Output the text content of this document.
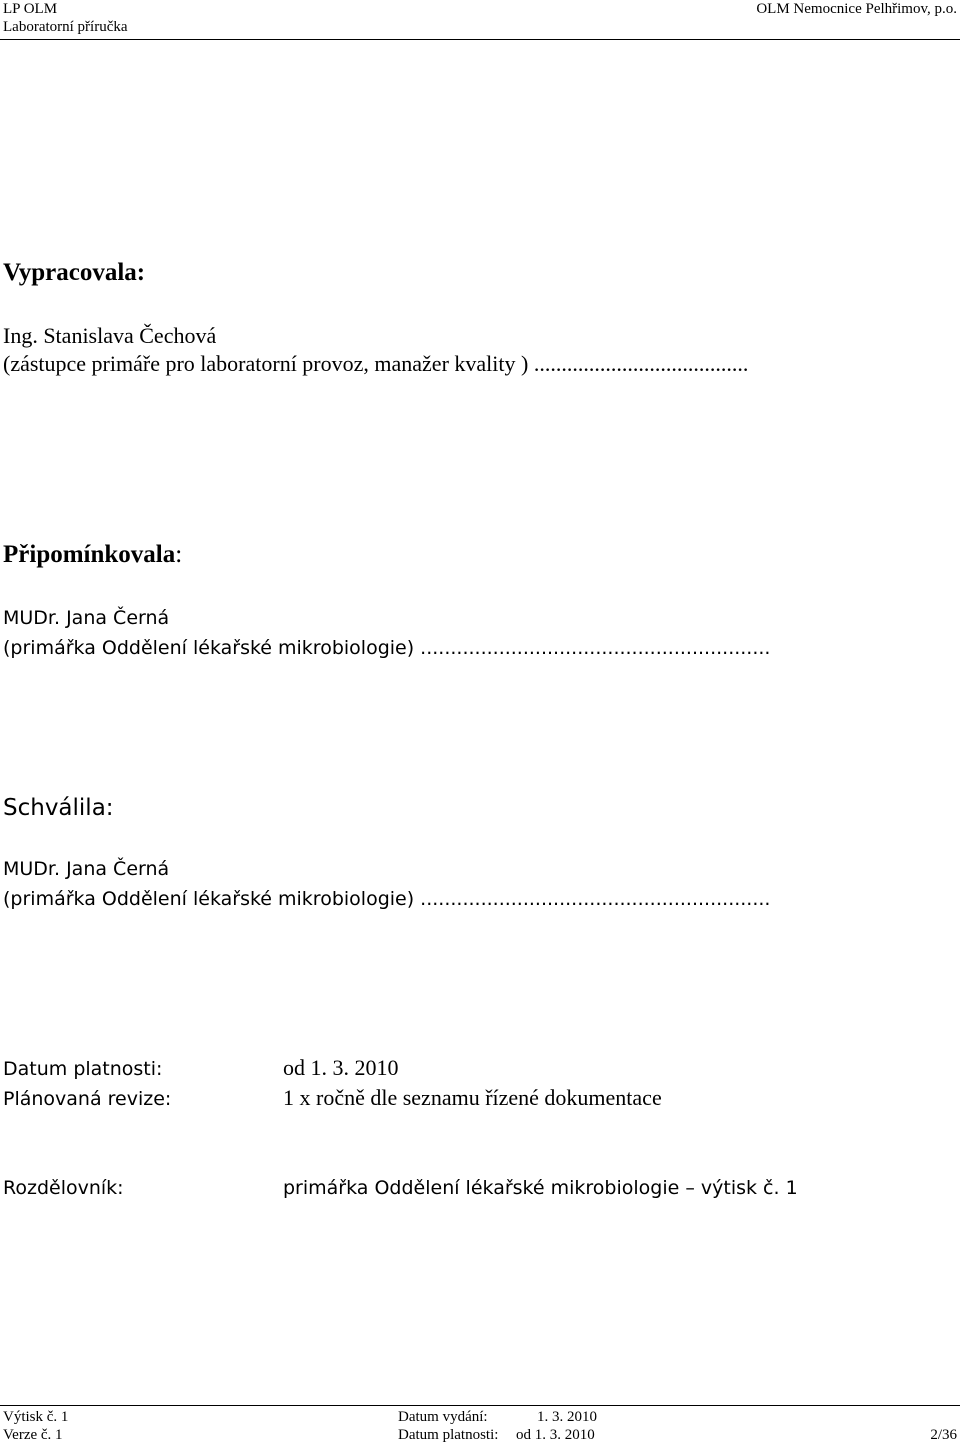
LP OLM
Laboratorní příručka
OLM Nemocnice Pelhřimov, p.o.
Vypracovala:
Ing. Stanislava Čechová
(zástupce primáře pro laboratorní provoz, manažer kvality ) .......................................
Připomínkovala:
MUDr. Jana Černá
(primářka Oddělení lékařské mikrobiologie) ..........................................................
Schválila:
MUDr. Jana Černá
(primářka Oddělení lékařské mikrobiologie) ..........................................................
Datum platnosti:	od 1. 3. 2010
Plánovaná revize:	1 x ročně dle seznamu řízené dokumentace
Rozdělovník:	primářka Oddělení lékařské mikrobiologie – výtisk č. 1
Výtisk č. 1
Verze č. 1
Datum vydání:	1. 3. 2010
Datum platnosti: od 1. 3. 2010	2/36
